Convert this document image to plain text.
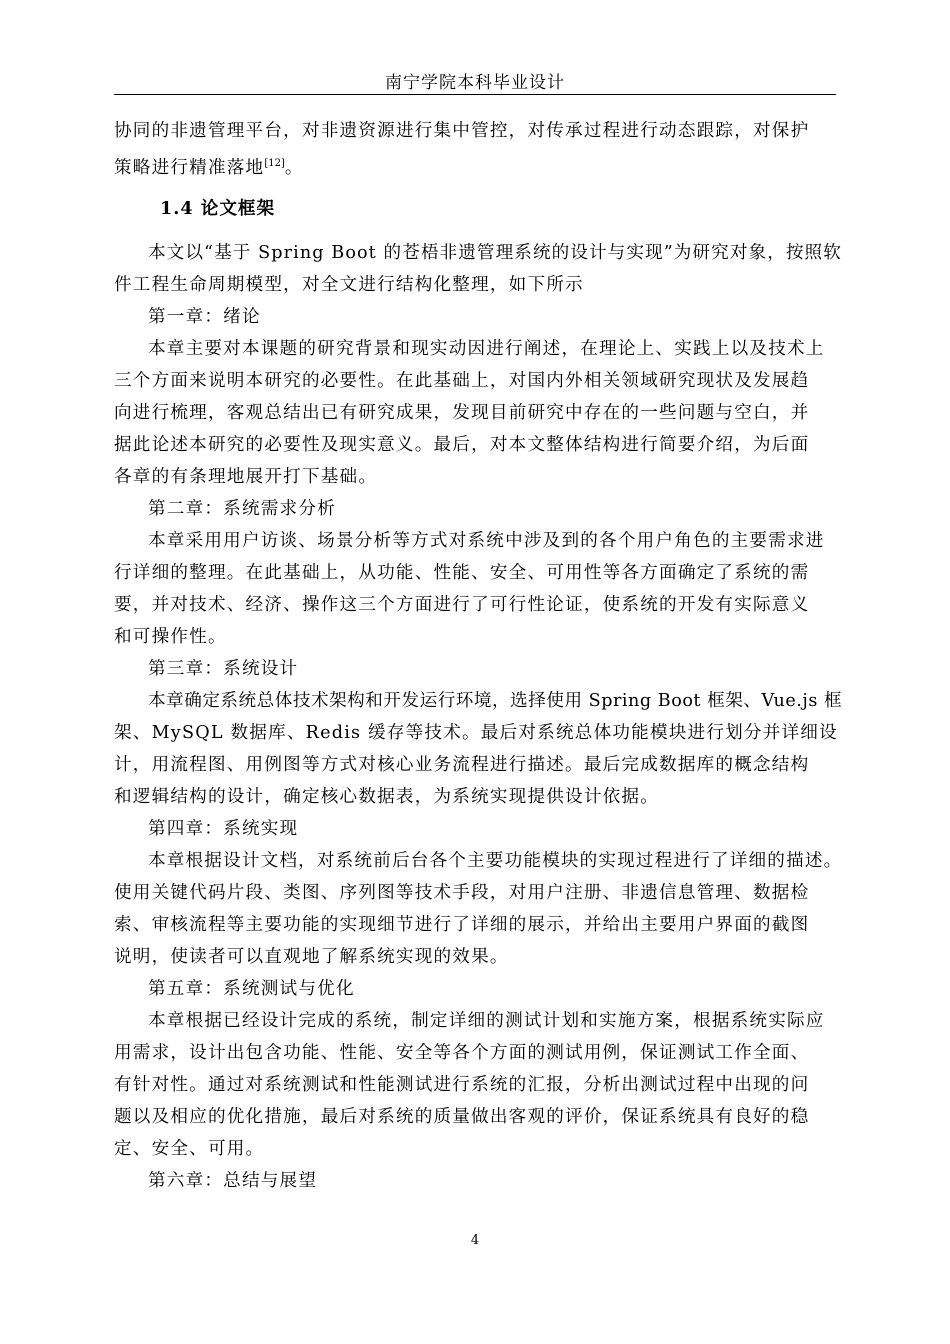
南宁学院本科毕业设计
协同的非遗管理平台，对非遗资源进行集中管控，对传承过程进行动态跟踪，对保护
策略进行精准落地[12]。
1.4 论文框架
本文以“基于 Spring Boot 的苍梧非遗管理系统的设计与实现”为研究对象，按照软
件工程生命周期模型，对全文进行结构化整理，如下所示
第一章：绪论
本章主要对本课题的研究背景和现实动因进行阐述，在理论上、实践上以及技术上
三个方面来说明本研究的必要性。在此基础上，对国内外相关领域研究现状及发展趋
向进行梳理，客观总结出已有研究成果，发现目前研究中存在的一些问题与空白，并
据此论述本研究的必要性及现实意义。最后，对本文整体结构进行简要介绍，为后面
各章的有条理地展开打下基础。
第二章：系统需求分析
本章采用用户访谈、场景分析等方式对系统中涉及到的各个用户角色的主要需求进
行详细的整理。在此基础上，从功能、性能、安全、可用性等各方面确定了系统的需
要，并对技术、经济、操作这三个方面进行了可行性论证，使系统的开发有实际意义
和可操作性。
第三章：系统设计
本章确定系统总体技术架构和开发运行环境，选择使用 Spring Boot 框架、Vue.js 框
架、MySQL 数据库、Redis 缓存等技术。最后对系统总体功能模块进行划分并详细设
计，用流程图、用例图等方式对核心业务流程进行描述。最后完成数据库的概念结构
和逻辑结构的设计，确定核心数据表，为系统实现提供设计依据。
第四章：系统实现
本章根据设计文档，对系统前后台各个主要功能模块的实现过程进行了详细的描述。
使用关键代码片段、类图、序列图等技术手段，对用户注册、非遗信息管理、数据检
索、审核流程等主要功能的实现细节进行了详细的展示，并给出主要用户界面的截图
说明，使读者可以直观地了解系统实现的效果。
第五章：系统测试与优化
本章根据已经设计完成的系统，制定详细的测试计划和实施方案，根据系统实际应
用需求，设计出包含功能、性能、安全等各个方面的测试用例，保证测试工作全面、
有针对性。通过对系统测试和性能测试进行系统的汇报，分析出测试过程中出现的问
题以及相应的优化措施，最后对系统的质量做出客观的评价，保证系统具有良好的稳
定、安全、可用。
第六章：总结与展望
4
